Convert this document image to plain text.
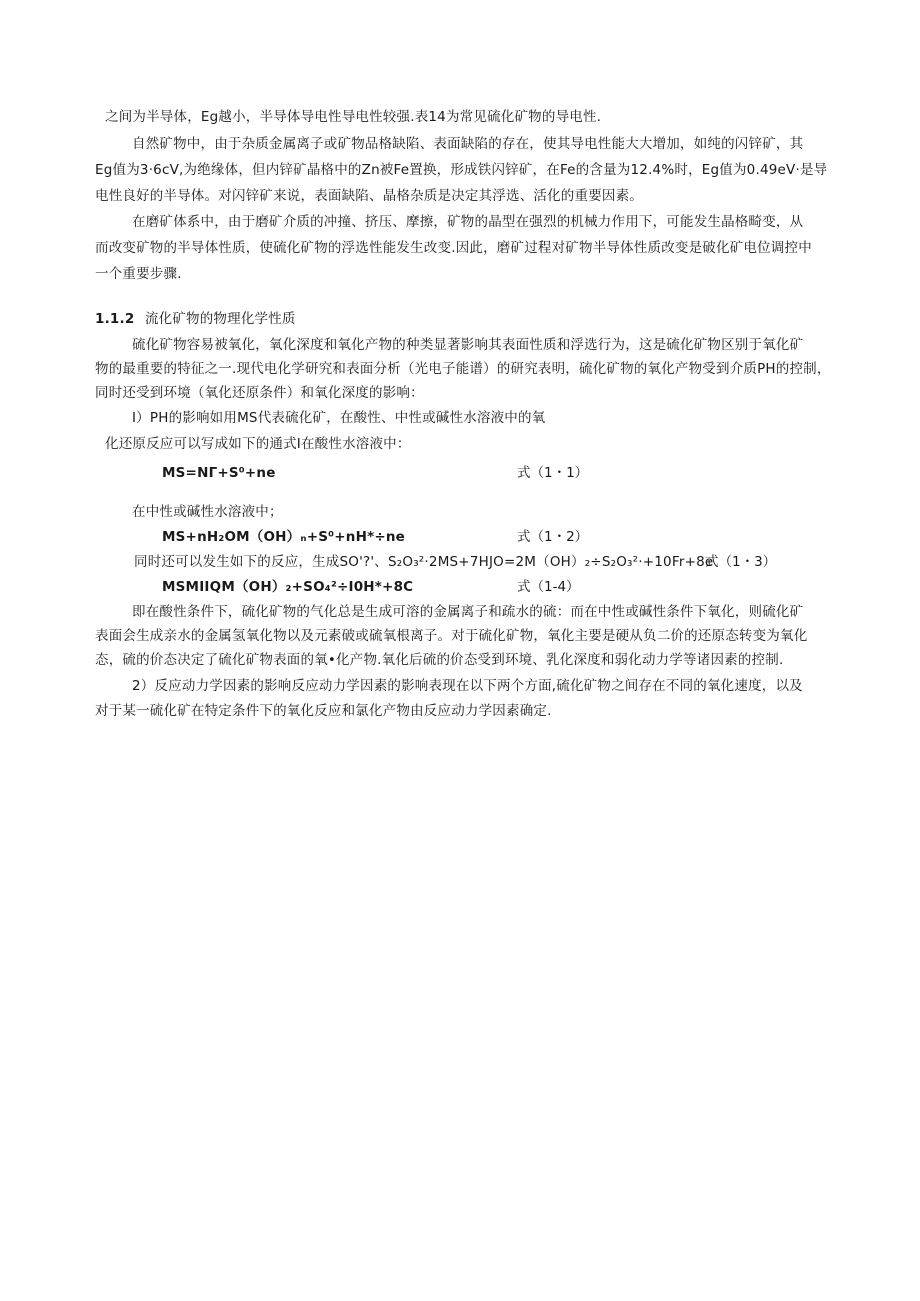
之间为半导体，Eg越小，半导体导电性导电性较强.表14为常见硫化矿物的导电性.
自然矿物中，由于杂质金属离子或矿物品格缺陷、表面缺陷的存在，使其导电性能大大增加，如纯的闪锌矿，其
Eg值为3·6cV,为绝缘体，但内锌矿晶格中的Zn被Fe置换，形成铁闪锌矿，在Fe的含量为12.4%时，Eg值为0.49eV·是导
电性良好的半导体。对闪锌矿来说，表面缺陷、晶格杂质是决定其浮选、活化的重要因素。
在磨矿体系中，由于磨矿介质的冲撞、挤压、摩擦，矿物的晶型在强烈的机械力作用下，可能发生晶格畸变，从
而改变矿物的半导体性质，使硫化矿物的浮选性能发生改变.因此，磨矿过程对矿物半导体性质改变是破化矿电位调控中
一个重要步骤.
1.1.2 流化矿物的物理化学性质
硫化矿物容易被氧化，氧化深度和氧化产物的种类显著影响其表面性质和浮选行为，这是硫化矿物区别于氧化矿
物的最重要的特征之一.现代电化学研究和表面分析（光电子能谱）的研究表明，硫化矿物的氧化产物受到介质PH的控制，
同时还受到环境（氧化还原条件）和氧化深度的影响：
I）PH的影响如用MS代表硫化矿，在酸性、中性或碱性水溶液中的氧
化还原反应可以写成如下的通式I在酸性水溶液中：
MS=NΓ+S⁰+ne	式（1・1）
在中性或碱性水溶液中；
MS+nH₂OM（OH）ₙ+S⁰+nH*÷ne	式（1・2）
同时还可以发生如下的反应，生成SO'?'、S₂O₃²·2MS+7HJO=2M（OH）₂÷S₂O₃²·+10Fr+8e
式（1・3）
MSMIIQM（OH）₂+SO₄²÷I0H*+8C	式（1-4）
即在酸性条件下，硫化矿物的气化总是生成可溶的金属离子和疏水的硫：而在中性或碱性条件下氧化，则硫化矿
表面会生成亲水的金属氢氧化物以及元素破或硫氧根离子。对于硫化矿物，氧化主要是硬从负二价的还原态转变为氧化
态，硫的价态决定了硫化矿物表面的氧•化产物.氧化后硫的价态受到环境、乳化深度和弱化动力学等诸因素的控制.
2）反应动力学因素的影响反应动力学因素的影响表现在以下两个方面,硫化矿物之间存在不同的氧化速度，以及
对于某一硫化矿在特定条件下的氧化反应和氯化产物由反应动力学因素确定.
